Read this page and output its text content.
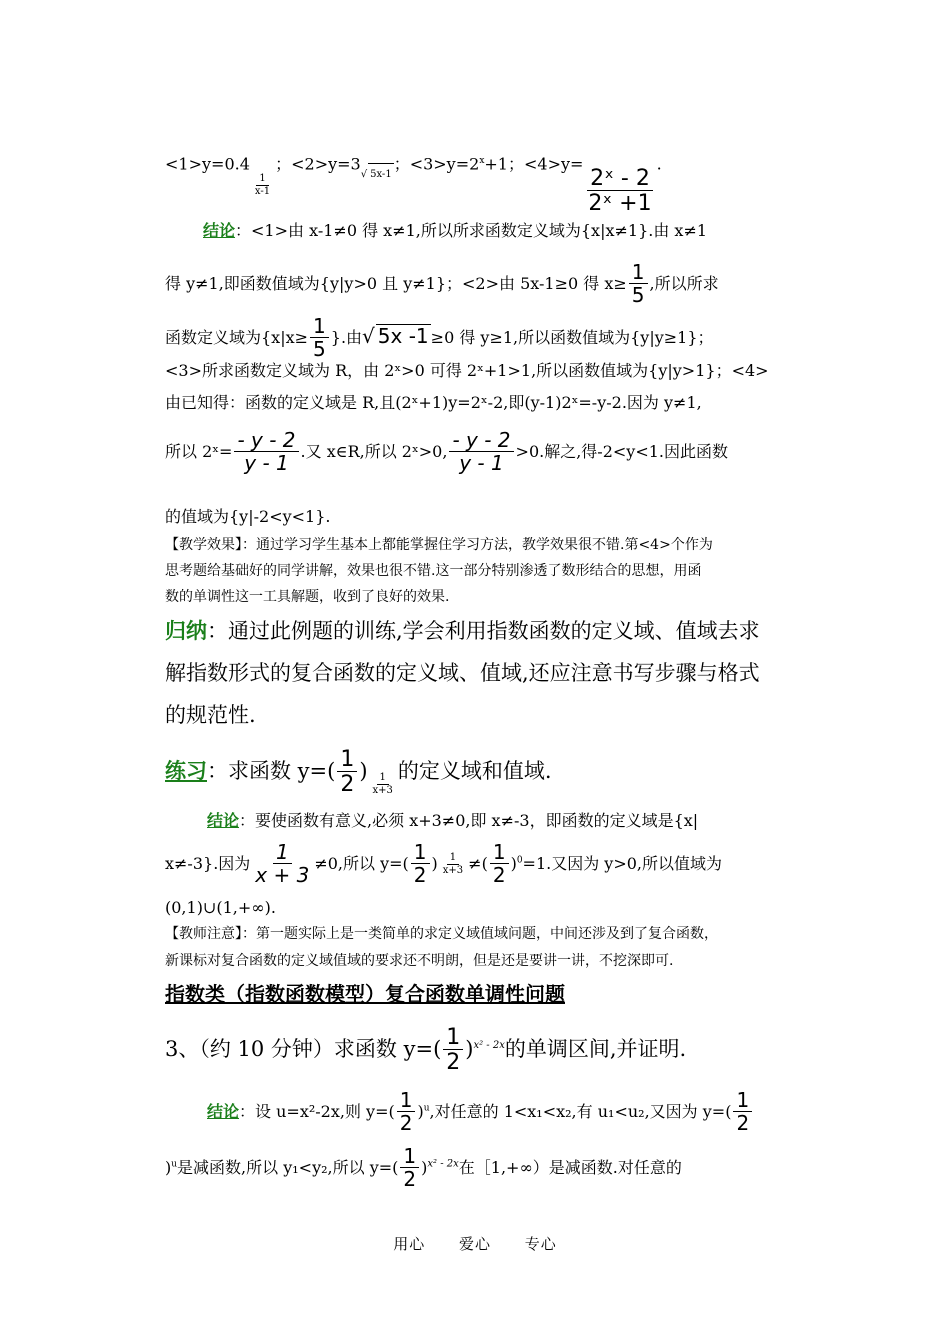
<1>y=0.4
$\frac{1}{x-1}$
；$<2>y=3_{√ 5x-1}$；$<3>y=2^x+1$；<4>y=
$\frac{\text{2ˣ - 2}}{\text{2ˣ +1}}$
.
结论：<1>由 x-1≠0 得 x≠1,所以所求函数定义域为{x|x≠1}.由 x≠1
得 y≠1,即函数值域为{y|y>0 且 y≠1}；<2>由 5x-1≥0 得 $x\ge \frac{1}{5}$ ,所以所求
函数定义域为{$x|x\ge \frac{1}{5}$ }.由√ 5x -1 ≥0 得 y≥1,所以函数值域为{y|y≥1}；
<3>所求函数定义域为 R，由 2ˣ>0 可得 2ˣ+1>1,所以函数值域为{y|y>1}；<4>
由已知得：函数的定义域是 R,且(2ˣ+1)y=2ˣ-2,即(y-1)2ˣ=-y-2.因为 y≠1,
所以 2ˣ= $\frac{- y - 2}{y - 1}$ .又 x∈R,所以 2ˣ>0, $\frac{- y - 2}{y - 1} >0$.解之,得-2<y<1.因此函数
的值域为{y|-2<y<1}.
【教学效果】：通过学习学生基本上都能掌握住学习方法，教学效果很不错.第<4>个作为
思考题给基础好的同学讲解，效果也很不错.这一部分特别渗透了数形结合的思想，用函
数的单调性这一工具解题，收到了良好的效果.
归纳：通过此例题的训练,学会利用指数函数的定义域、值域去求
解指数形式的复合函数的定义域、值域,还应注意书写步骤与格式
的规范性.
练习：求函数 $y=( \frac{1}{2}$ )
$\frac{1}{x+3}$
的定义域和值域.
结论：要使函数有意义,必须 x+3≠0,即 x≠-3，即函数的定义域是{x|
x≠-3}.因为 $\frac{1}{x + 3} \ne 0$,所以 $y=( \frac{1}{2}$ ) $\frac{1}{x+3}$ ≠( $\frac{1}{2} )^0=1$.又因为 y>0,所以值域为
(0,1)∪(1,+∞).
【教师注意】：第一题实际上是一类简单的求定义域值域问题，中间还涉及到了复合函数，
新课标对复合函数的定义域值域的要求还不明朗，但是还是要讲一讲，不挖深即可.
指数类（指数函数模型）复合函数单调性问题
3、（约 10 分钟）求函数 $y=( \frac{1}{2} )^{x^2 - 2x}$的单调区间,并证明.
结论：设 u=x²-2x,则 $y=( \frac{1}{2} )^u$,对任意的 1<x₁<x₂,有 u₁<u₂,又因为 $y=( \frac{1}{2}$
)$^u$是减函数,所以 y₁<y₂,所以 $y=( \frac{1}{2} )^{x^2 - 2x}$在［1,+∞）是减函数.对任意的
用心 爱心 专心
